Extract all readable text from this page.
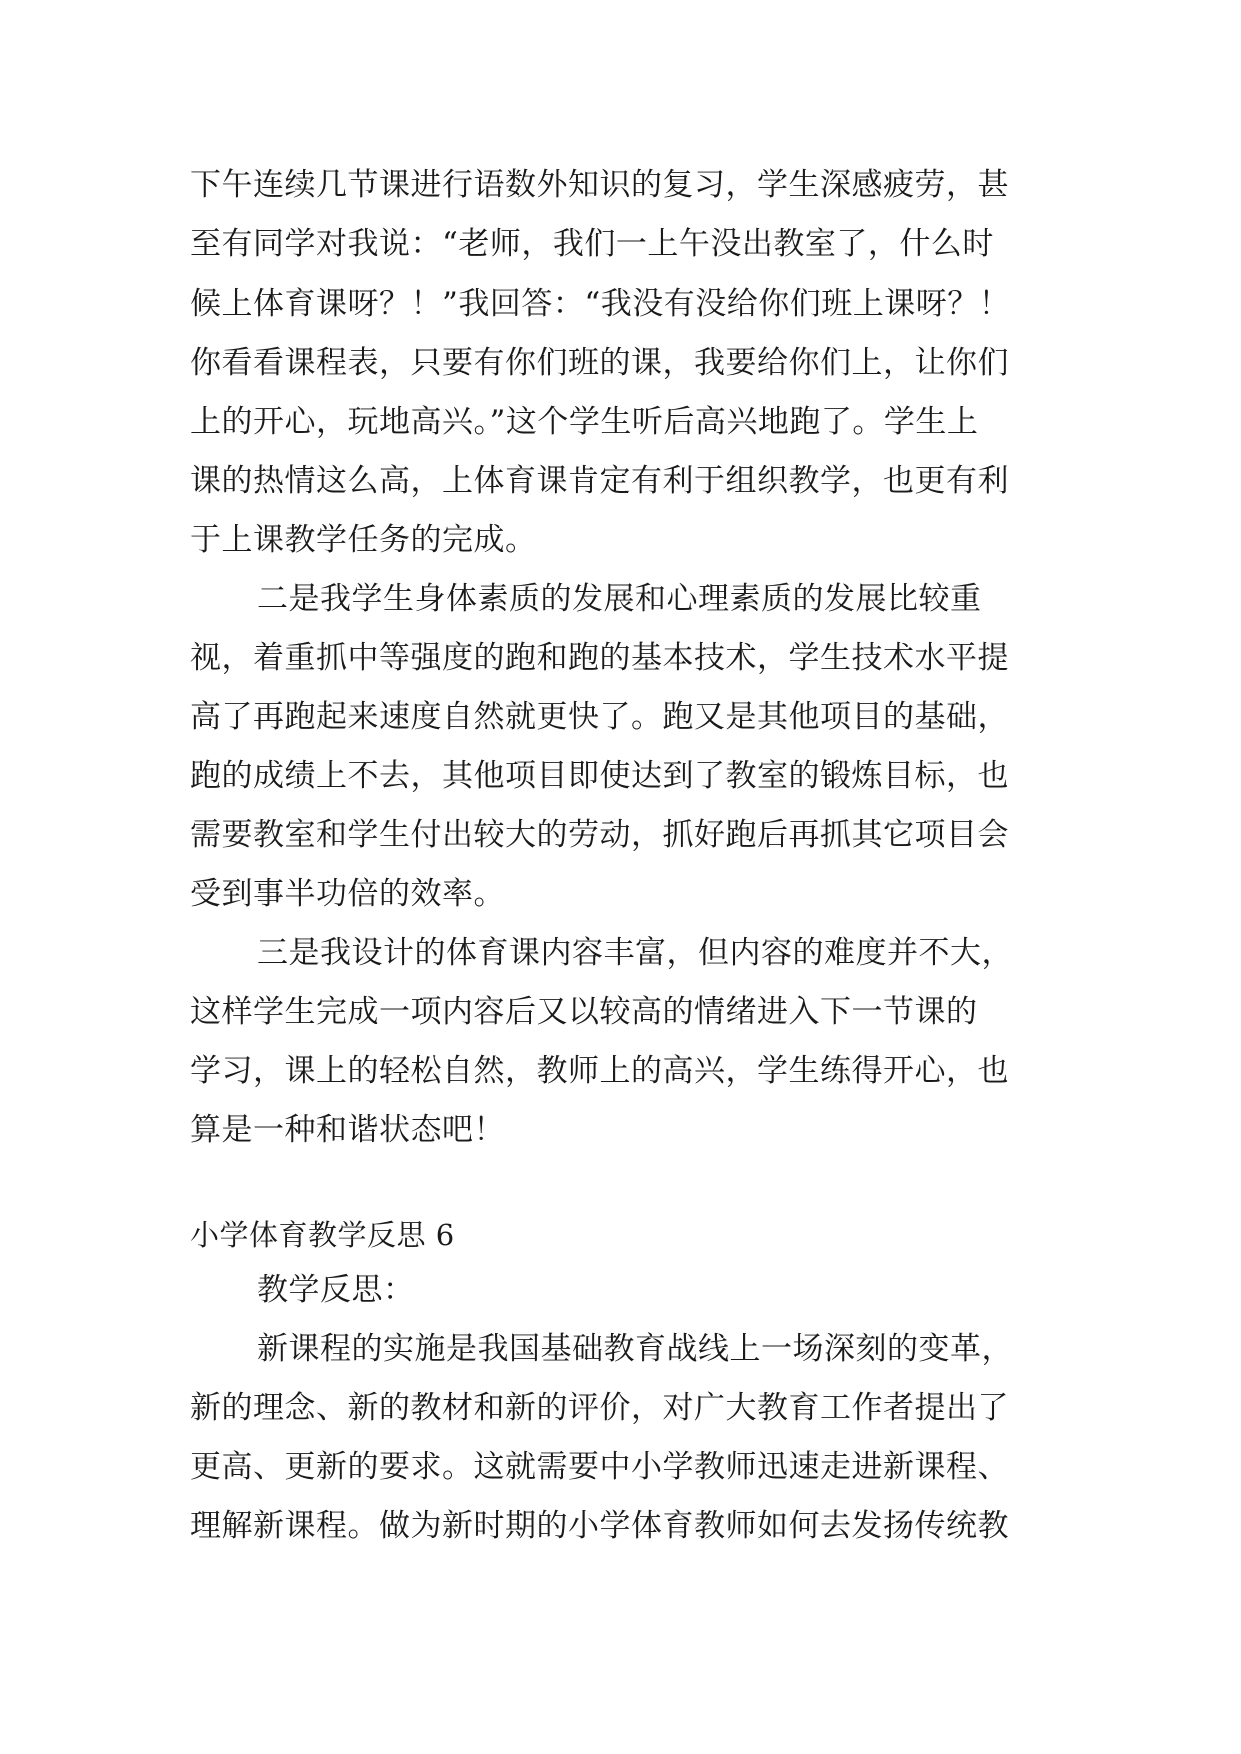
下午连续几节课进行语数外知识的复习，学生深感疲劳，甚
至有同学对我说：“老师，我们一上午没出教室了，什么时
候上体育课呀？！”我回答：“我没有没给你们班上课呀？！
你看看课程表，只要有你们班的课，我要给你们上，让你们
上的开心，玩地高兴。”这个学生听后高兴地跑了。学生上
课的热情这么高，上体育课肯定有利于组织教学，也更有利
于上课教学任务的完成。
二是我学生身体素质的发展和心理素质的发展比较重
视，着重抓中等强度的跑和跑的基本技术，学生技术水平提
高了再跑起来速度自然就更快了。跑又是其他项目的基础，
跑的成绩上不去，其他项目即使达到了教室的锻炼目标，也
需要教室和学生付出较大的劳动，抓好跑后再抓其它项目会
受到事半功倍的效率。
三是我设计的体育课内容丰富，但内容的难度并不大，
这样学生完成一项内容后又以较高的情绪进入下一节课的
学习，课上的轻松自然，教师上的高兴，学生练得开心，也
算是一种和谐状态吧！
小学体育教学反思 6
教学反思：
新课程的实施是我国基础教育战线上一场深刻的变革，
新的理念、新的教材和新的评价，对广大教育工作者提出了
更高、更新的要求。这就需要中小学教师迅速走进新课程、
理解新课程。做为新时期的小学体育教师如何去发扬传统教
